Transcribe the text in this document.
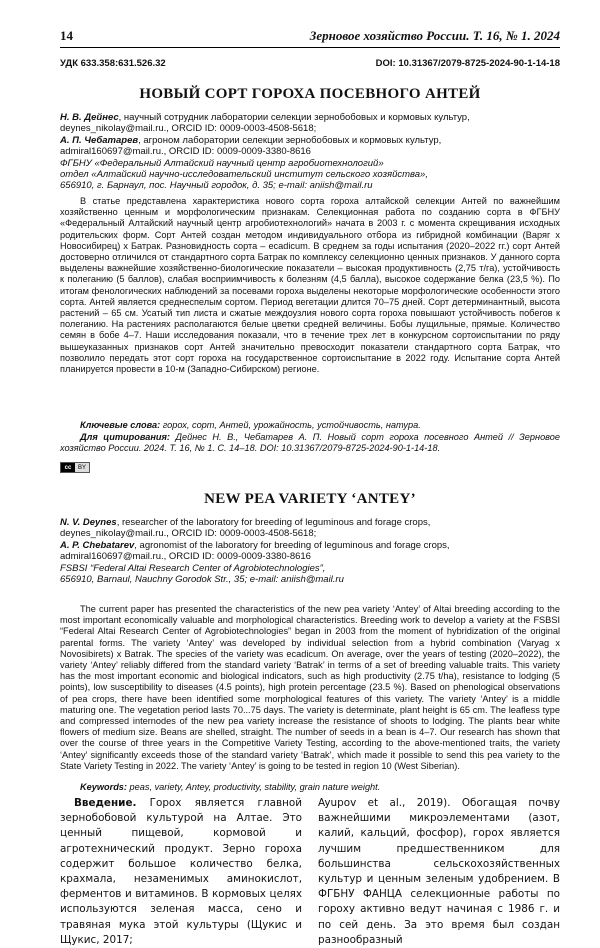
14	Зерновое хозяйство России. Т. 16, № 1. 2024
УДК 633.358:631.526.32	DOI: 10.31367/2079-8725-2024-90-1-14-18
НОВЫЙ СОРТ ГОРОХА ПОСЕВНОГО АНТЕЙ
Н. В. Дейнес, научный сотрудник лаборатории селекции зернобобовых и кормовых культур,
deynes_nikolay@mail.ru., ORCID ID: 0009-0003-4508-5618;
А. П. Чебатарев, агроном лаборатории селекции зернобобовых и кормовых культур,
admiral160697@mail.ru., ORCID ID: 0009-0009-3380-8616
ФГБНУ «Федеральный Алтайский научный центр агробиотехнологий»
отдел «Алтайский научно-исследовательский институт сельского хозяйства»,
656910, г. Барнаул, пос. Научный городок, д. 35; e-mail: aniish@mail.ru

В статье представлена характеристика нового сорта гороха алтайской селекции Антей по важнейшим хозяйственно ценным и морфологическим признакам. Селекционная работа по созданию сорта в ФГБНУ «Федеральный Алтайский научный центр агробиотехнологий» начата в 2003 г. с момента скрещивания исходных родительских форм. Сорт Антей создан методом индивидуального отбора из гибридной комбинации (Варяг x Новосибирец) x Батрак. Разновидность сорта – ecadicum. В среднем за годы испытания (2020–2022 гг.) сорт Антей достоверно отличился от стандартного сорта Батрак по комплексу селекционно ценных признаков. У данного сорта выделены важнейшие хозяйственно-биологические показатели – высокая продуктивность (2,75 т/га), устойчивость к полеганию (5 баллов), слабая восприимчивость к болезням (4,5 балла), высокое содержание белка (23,5 %). По итогам фенологических наблюдений за посевами гороха выделены некоторые морфологические особенности этого сорта. Антей является среднеспелым сортом. Период вегетации длится 70–75 дней. Сорт детерминантный, высота растений – 65 см. Усатый тип листа и сжатые междоузлия нового сорта гороха повышают устойчивость побегов к полеганию. На растениях располагаются белые цветки средней величины. Бобы лущильные, прямые. Количество семян в бобе 4–7. Наши исследования показали, что в течение трех лет в конкурсном сортоиспытании по ряду вышеуказанных признаков сорт Антей значительно превосходит показатели стандартного сорта Батрак, что позволило передать этот сорт гороха на государственное сортоиспытание в 2022 году. Испытание сорта Антей планируется провести в 10-м (Западно-Сибирском) регионе.

Ключевые слова: горох, сорт, Антей, урожайность, устойчивость, натура.

Для цитирования: Дейнес Н. В., Чебатарев А. П. Новый сорт гороха посевного Антей // Зерновое хозяйство России. 2024. Т. 16, № 1. С. 14–18. DOI: 10.31367/2079-8725-2024-90-1-14-18.

cc	BY
NEW PEA VARIETY ‘ANTEY’
N. V. Deynes, researcher of the laboratory for breeding of leguminous and forage crops,
deynes_nikolay@mail.ru., ORCID ID: 0009-0003-4508-5618;
A. P. Chebatarev, agronomist of the laboratory for breeding of leguminous and forage crops,
admiral160697@mail.ru., ORCID ID: 0009-0009-3380-8616
FSBSI “Federal Altai Research Center of Agrobiotechnologies”,
656910, Barnaul, Nauchny Gorodok Str., 35; e-mail: aniish@mail.ru

The current paper has presented the characteristics of the new pea variety ‘Antey’ of Altai breeding according to the most important economically valuable and morphological characteristics. Breeding work to develop a variety at the FSBSI “Federal Altai Research Center of Agrobiotechnologies” began in 2003 from the moment of hybridization of the original parental forms. The variety ‘Antey’ was developed by individual selection from a hybrid combination (Varyag x Novosibirets) x Batrak. The species of the variety was ecadicum. On average, over the years of testing (2020–2022), the variety ‘Antey’ reliably differed from the standard variety ‘Batrak’ in terms of a set of breeding valuable traits. This variety has the most important economic and biological indicators, such as high productivity (2.75 t/ha), resistance to lodging (5 points), low susceptibility to diseases (4.5 points), high protein percentage (23.5 %). Based on phenological observations of pea crops, there have been identified some morphological features of this variety. The variety ‘Antey’ is a middle maturing one. The vegetation period lasts 70...75 days. The variety is determinate, plant height is 65 cm. The leafless type and compressed internodes of the new pea variety increase the resistance of shoots to lodging. The plants bear white flowers of medium size. Beans are shelled, straight. The number of seeds in a bean is 4–7. Our research has shown that over the course of three years in the Competitive Variety Testing, according to the above-mentioned traits, the variety ‘Antey’ significantly exceeds those of the standard variety ‘Batrak’, which made it possible to send this pea variety to the State Variety Testing in 2022. The variety ‘Antey’ is going to be tested in region 10 (West Siberian).

Keywords: peas, variety, Antey, productivity, stability, grain nature weight.

Введение. Горох является главной зернобобовой культурой на Алтае. Это ценный пищевой, кормовой и агротехнический продукт. Зерно гороха содержит большое количество белка, крахмала, незаменимых аминокислот, ферментов и витаминов. В кормовых целях используются зеленая масса, сено и травяная мука этой культуры (Щукис и Щукис, 2017;

Ayupov et al., 2019). Обогащая почву важнейшими микроэлементами (азот, калий, кальций, фосфор), горох является лучшим предшественником для большинства сельскохозяйственных культур и ценным зеленым удобрением. В ФГБНУ ФАНЦА селекционные работы по гороху активно ведут начиная с 1986 г. и по сей день. За это время был создан разнообразный
